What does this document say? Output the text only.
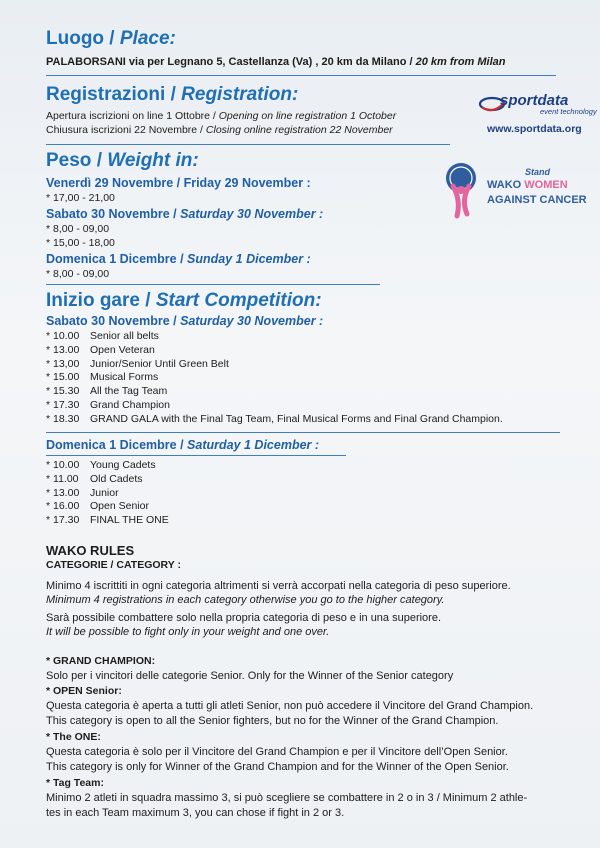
Luogo / Place:
PALABORSANI via per Legnano 5, Castellanza (Va) , 20 km da Milano / 20 km from Milan
Registrazioni / Registration:
Apertura iscrizioni on line 1 Ottobre / Opening on line registration 1 October
Chiusura iscrizioni 22 Novembre / Closing online registration 22 November
sportdata
event technology
www.sportdata.org
Peso / Weight in:
Venerdì 29 Novembre / Friday 29 November :
* 17,00 - 21,00
Sabato 30 Novembre / Saturday 30 November :
* 8,00 - 09,00
* 15,00 - 18,00
Domenica 1 Dicembre / Sunday 1 Dicember :
* 8,00 - 09,00
Stand
WAKO WOMEN
AGAINST CANCER
Inizio gare / Start Competition:
Sabato 30 Novembre / Saturday 30 November :
* 10.00 Senior all belts
* 13.00 Open Veteran
* 13,00 Junior/Senior Until Green Belt
* 15.00 Musical Forms
* 15.30 All the Tag Team
* 17.30 Grand Champion
* 18.30 GRAND GALA with the Final Tag Team, Final Musical Forms and Final Grand Champion.
Domenica 1 Dicembre / Saturday 1 Dicember :
* 10.00 Young Cadets
* 11.00 Old Cadets
* 13.00 Junior
* 16.00 Open Senior
* 17.30 FINAL THE ONE
WAKO RULES
CATEGORIE / CATEGORY :
Minimo 4 iscrittiti in ogni categoria altrimenti si verrà accorpati nella categoria di peso superiore.
Minimum 4 registrations in each category otherwise you go to the higher category.
Sarà possibile combattere solo nella propria categoria di peso e in una superiore.
It will be possible to fight only in your weight and one over.
* GRAND CHAMPION:
Solo per i vincitori delle categorie Senior. Only for the Winner of the Senior category
* OPEN Senior:
Questa categoria è aperta a tutti gli atleti Senior, non può accedere il Vincitore del Grand Champion.
This category is open to all the Senior fighters, but no for the Winner of the Grand Champion.
* The ONE:
Questa categoria è solo per il Vincitore del Grand Champion e per il Vincitore dell’Open Senior.
This category is only for Winner of the Grand Champion and for the Winner of the Open Senior.
* Tag Team:
Minimo 2 atleti in squadra massimo 3, si può scegliere se combattere in 2 o in 3 / Minimum 2 athle-
tes in each Team maximum 3, you can chose if fight in 2 or 3.
